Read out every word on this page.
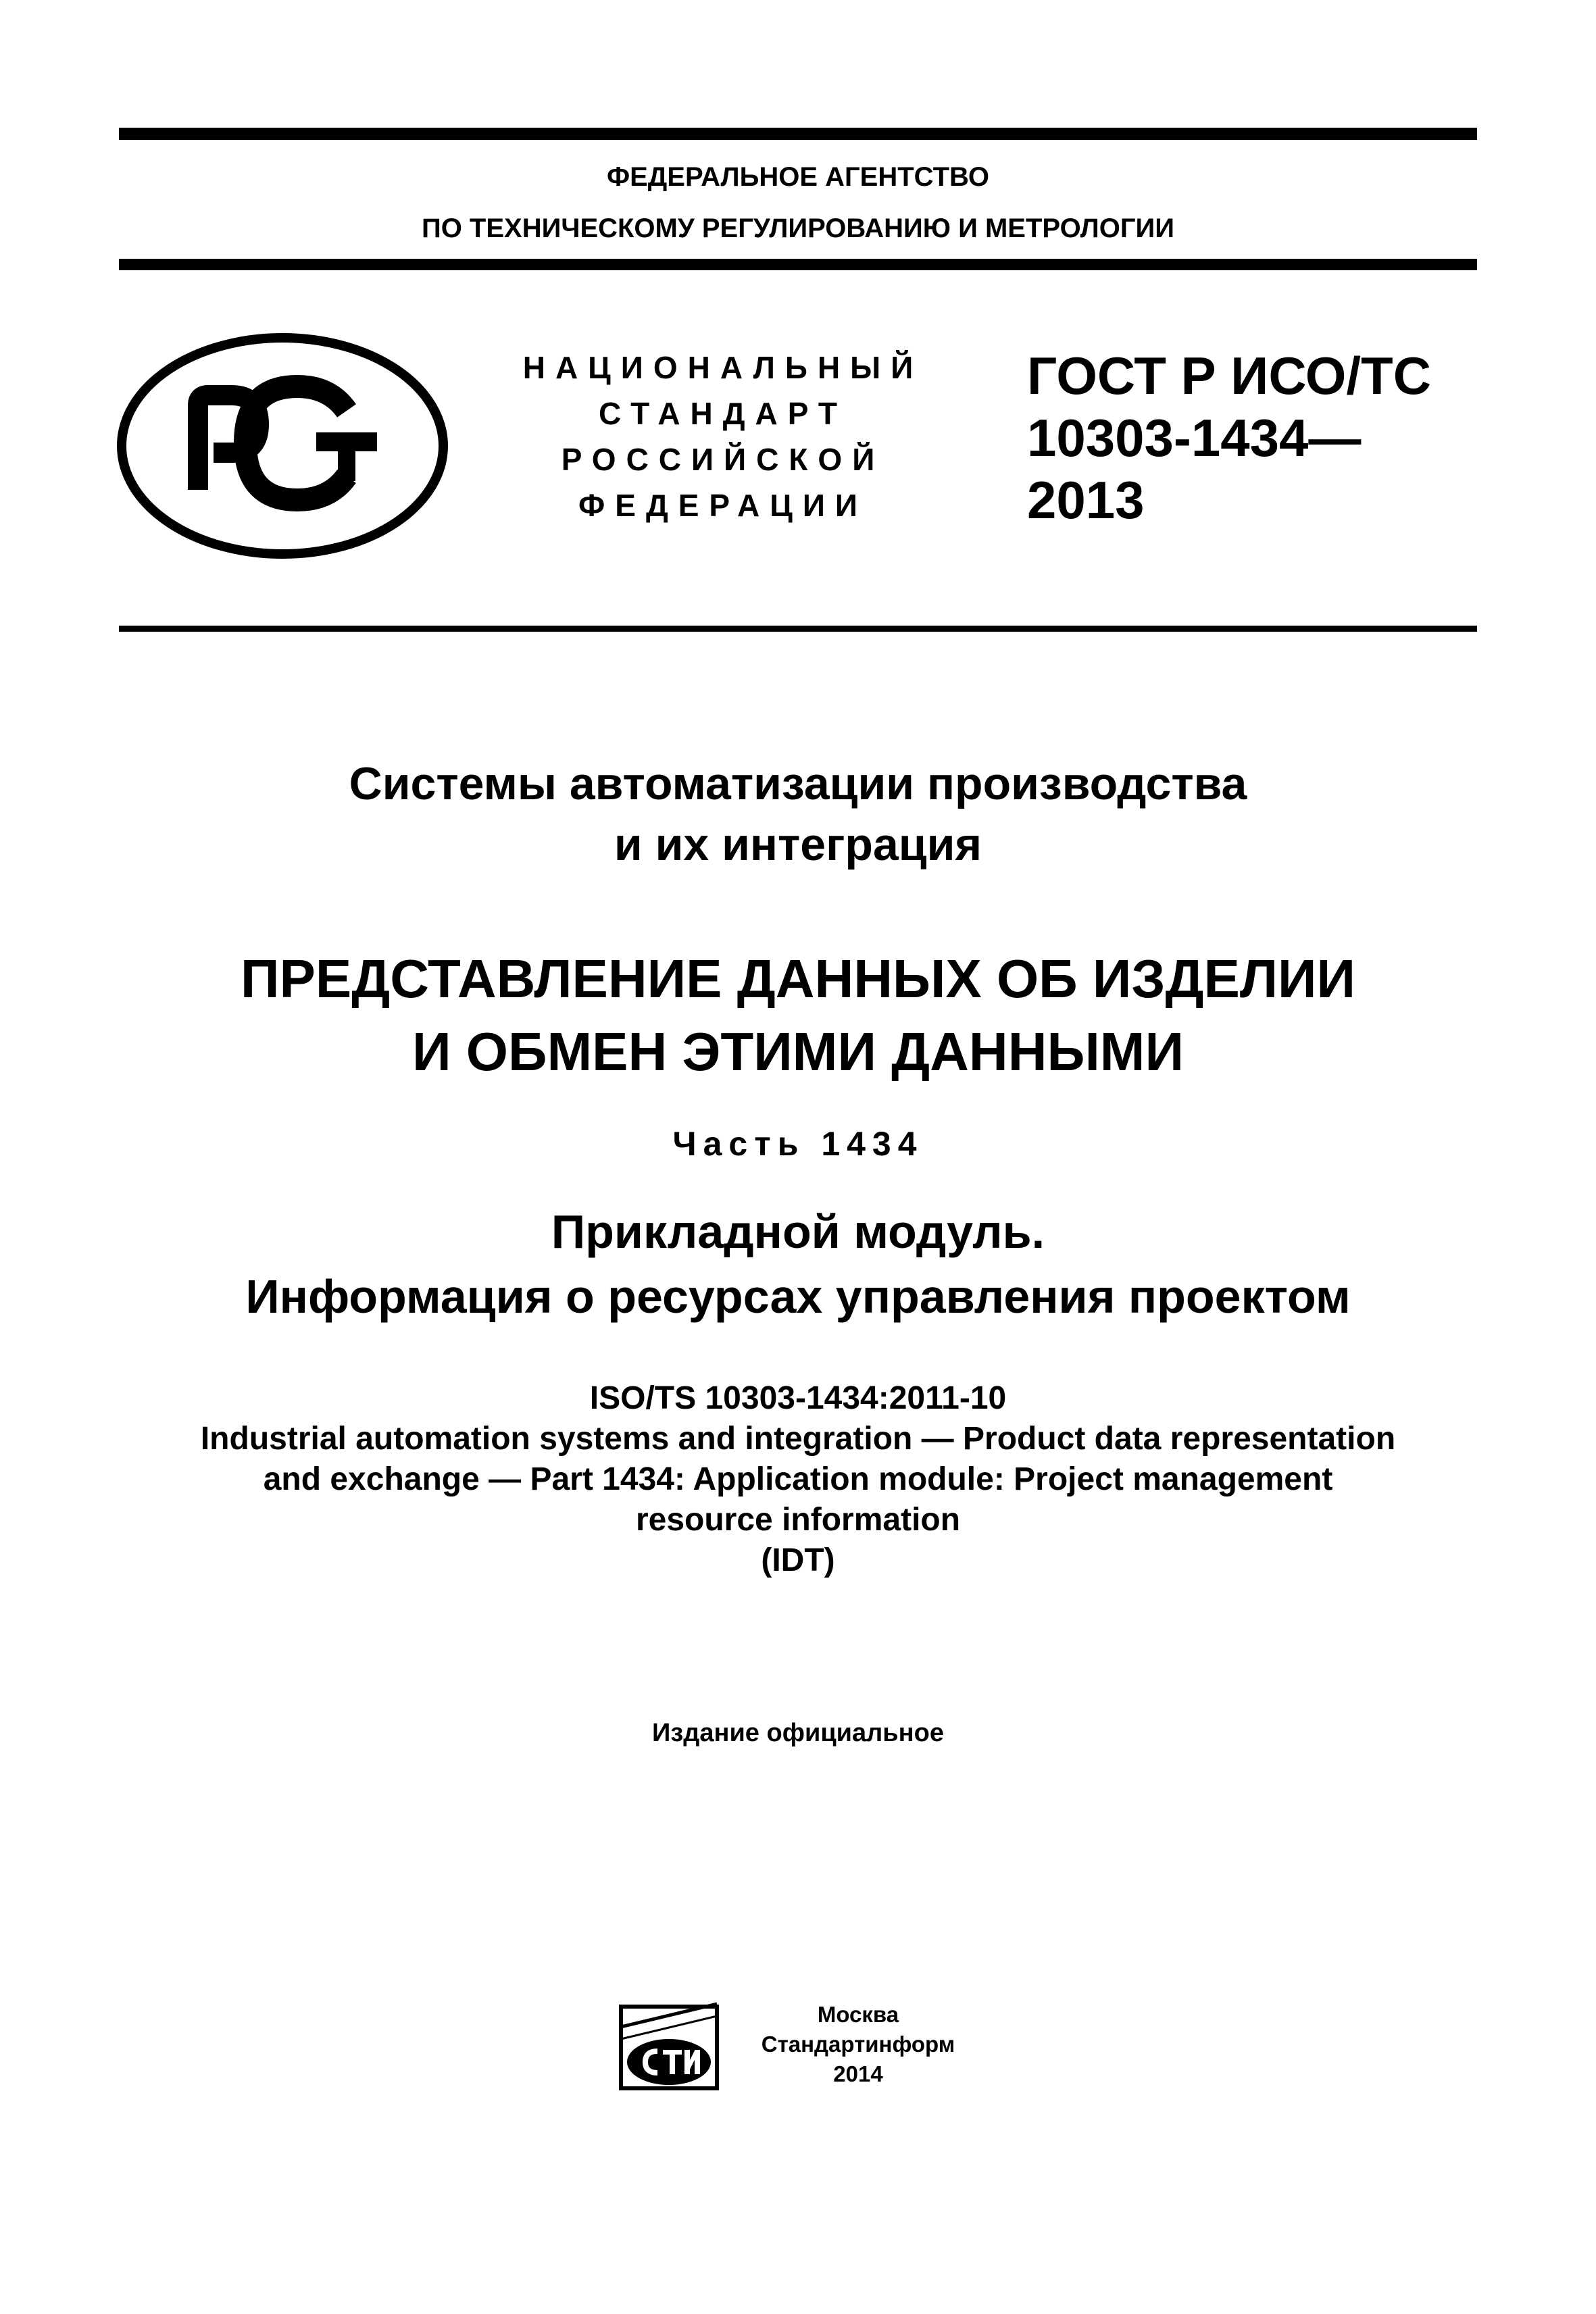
ФЕДЕРАЛЬНОЕ АГЕНТСТВО
ПО ТЕХНИЧЕСКОМУ РЕГУЛИРОВАНИЮ И МЕТРОЛОГИИ
НАЦИОНАЛЬНЫЙ
СТАНДАРТ
РОССИЙСКОЙ
ФЕДЕРАЦИИ
ГОСТ Р ИСО/ТС
10303-1434—
2013
Системы автоматизации производства
и их интеграция
ПРЕДСТАВЛЕНИЕ ДАННЫХ ОБ ИЗДЕЛИИ
И ОБМЕН ЭТИМИ ДАННЫМИ
Часть 1434
Прикладной модуль.
Информация о ресурсах управления проектом
ISO/TS 10303-1434:2011-10
Industrial automation systems and integration — Product data representation
and exchange — Part 1434: Application module: Project management
resource information
(IDT)
Издание официальное
Москва
Стандартинформ
2014
